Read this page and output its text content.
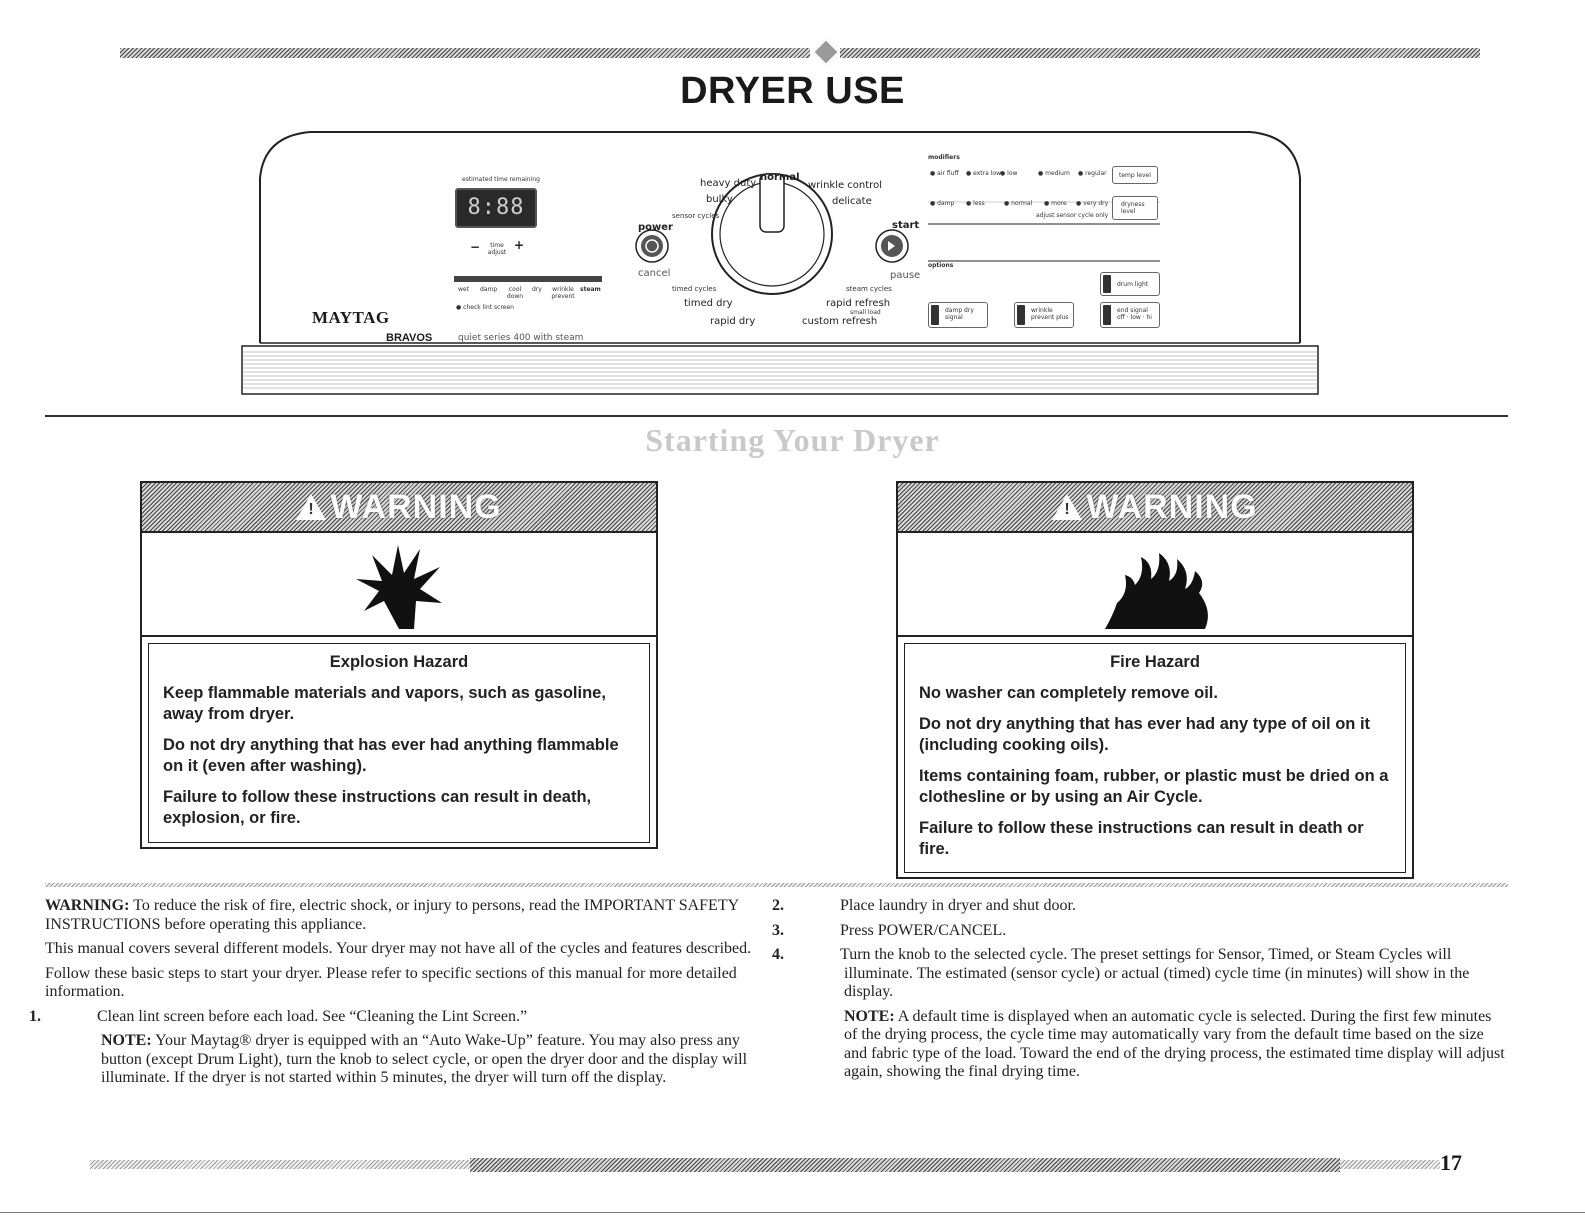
DRYER USE
MAYTAG
BRAVOS	quiet series 400 with steam
estimated time remaining
8:88
−	time adjust
+
wet damp	cool down
dry	wrinkle prevent
steam
● check lint screen
power
cancel
start
pause
normal
heavy duty
bulky
sensor cycles
wrinkle control
delicate
timed cycles
timed dry
rapid dry
steam cycles
rapid refresh
small load
custom refresh
modifiers
● air fluff ● extra low ● low	● medium ● regular temp level
● damp ● less	● normal ● more ● very dry
adjust sensor cycle only
dryness level
options
drum light
damp dry signal
wrinkle prevent plus
end signal off · low · hi
Starting Your Dryer
!
WARNING
Explosion Hazard

Keep flammable materials and vapors, such as gasoline, away from dryer.

Do not dry anything that has ever had anything flammable on it (even after washing).

Failure to follow these instructions can result in death, explosion, or fire.

!
WARNING
Fire Hazard

No washer can completely remove oil.

Do not dry anything that has ever had any type of oil on it (including cooking oils).

Items containing foam, rubber, or plastic must be dried on a clothesline or by using an Air Cycle.

Failure to follow these instructions can result in death or fire.

WARNING: To reduce the risk of fire, electric shock, or injury to persons, read the IMPORTANT SAFETY INSTRUCTIONS before operating this appliance.

This manual covers several different models. Your dryer may not have all of the cycles and features described.

Follow these basic steps to start your dryer. Please refer to specific sections of this manual for more detailed information.

1.	Clean lint screen before each load. See “Cleaning the Lint Screen.”

NOTE: Your Maytag® dryer is equipped with an “Auto Wake-Up” feature. You may also press any button (except Drum Light), turn the knob to select cycle, or open the dryer door and the display will illuminate. If the dryer is not started within 5 minutes, the dryer will turn off the display.

2.	Place laundry in dryer and shut door.

3.	Press POWER/CANCEL.

4.	Turn the knob to the selected cycle. The preset settings for Sensor, Timed, or Steam Cycles will illuminate. The estimated (sensor cycle) or actual (timed) cycle time (in minutes) will show in the display.

NOTE: A default time is displayed when an automatic cycle is selected. During the first few minutes of the drying process, the cycle time may automatically vary from the default time based on the size and fabric type of the load. Toward the end of the drying process, the estimated time display will adjust again, showing the final drying time.

17
